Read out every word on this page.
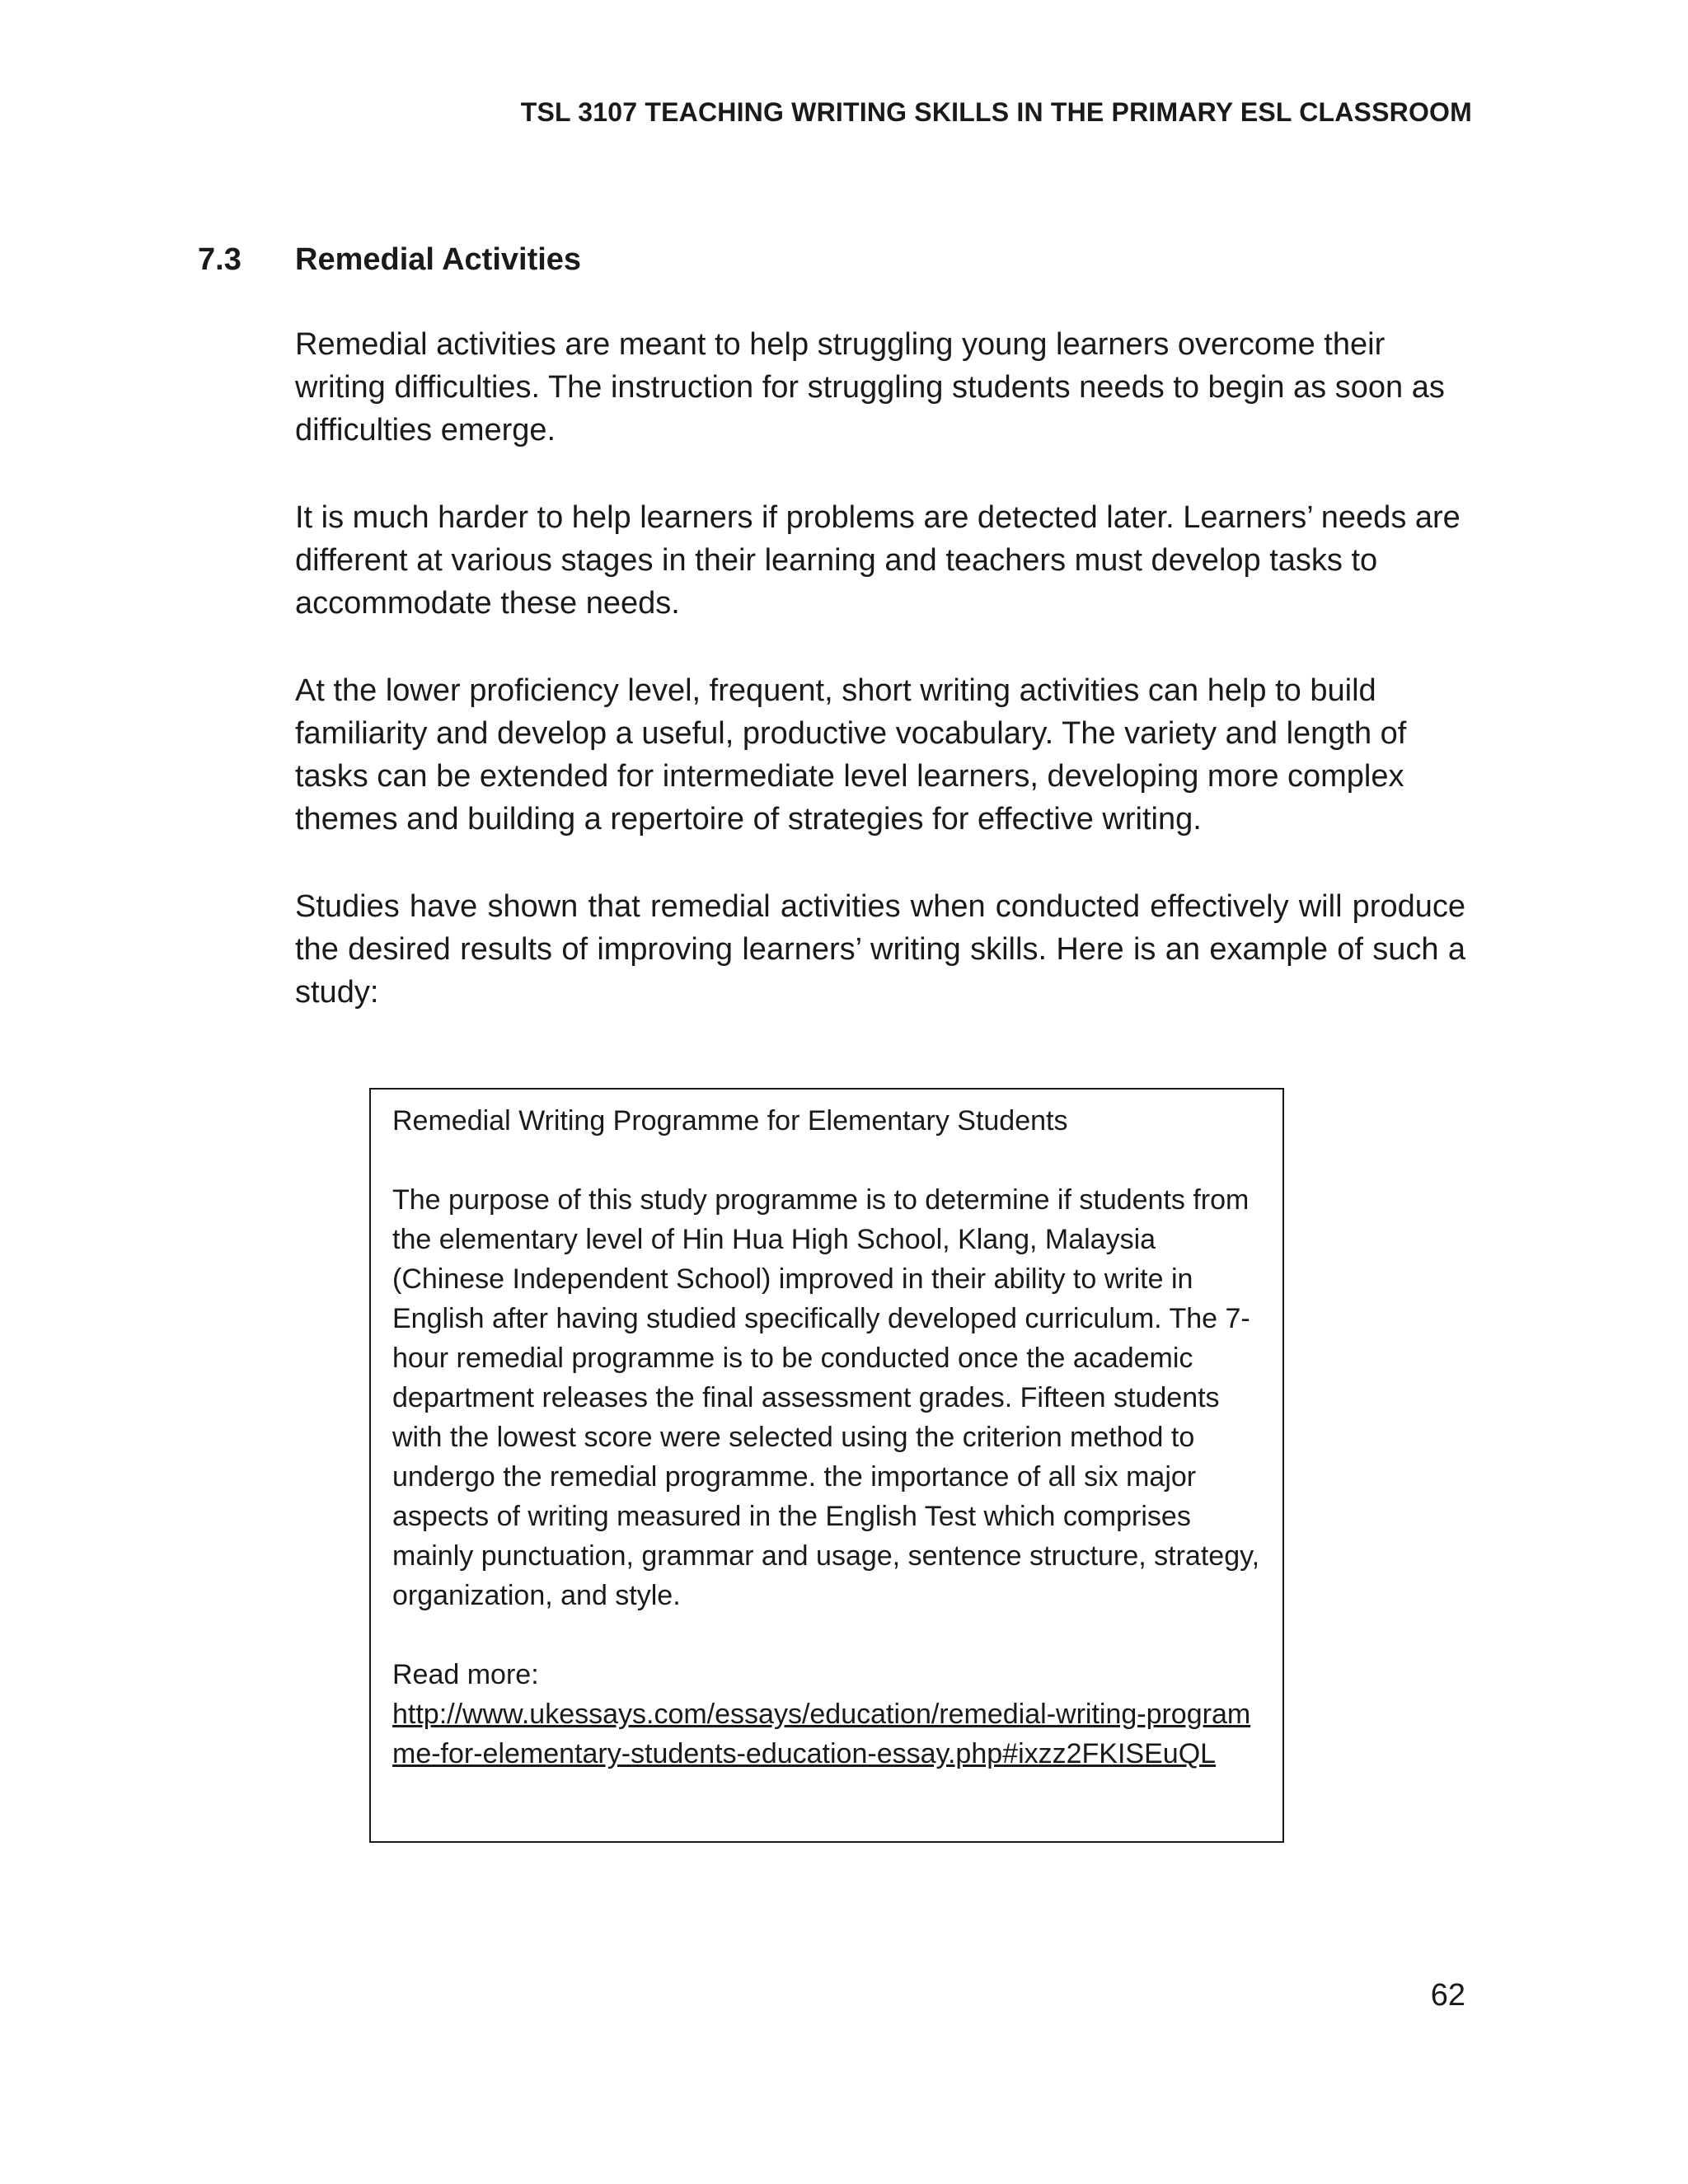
TSL 3107 TEACHING WRITING SKILLS IN THE PRIMARY ESL CLASSROOM
7.3 Remedial Activities

Remedial activities are meant to help struggling young learners overcome their writing difficulties. The instruction for struggling students needs to begin as soon as difficulties emerge.

It is much harder to help learners if problems are detected later. Learners’ needs are different at various stages in their learning and teachers must develop tasks to accommodate these needs.

At the lower proficiency level, frequent, short writing activities can help to build familiarity and develop a useful, productive vocabulary. The variety and length of tasks can be extended for intermediate level learners, developing more complex themes and building a repertoire of strategies for effective writing.

Studies have shown that remedial activities when conducted effectively will produce the desired results of improving learners’ writing skills. Here is an example of such a study:

Remedial Writing Programme for Elementary Students

The purpose of this study programme is to determine if students from the elementary level of Hin Hua High School, Klang, Malaysia (Chinese Independent School) improved in their ability to write in English after having studied specifically developed curriculum. The 7-hour remedial programme is to be conducted once the academic department releases the final assessment grades. Fifteen students with the lowest score were selected using the criterion method to undergo the remedial programme. the importance of all six major aspects of writing measured in the English Test which comprises mainly punctuation, grammar and usage, sentence structure, strategy, organization, and style.

Read more:

http://www.ukessays.com/essays/education/remedial-writing-programme-for-elementary-students-education-essay.php#ixzz2FKISEuQL

62
